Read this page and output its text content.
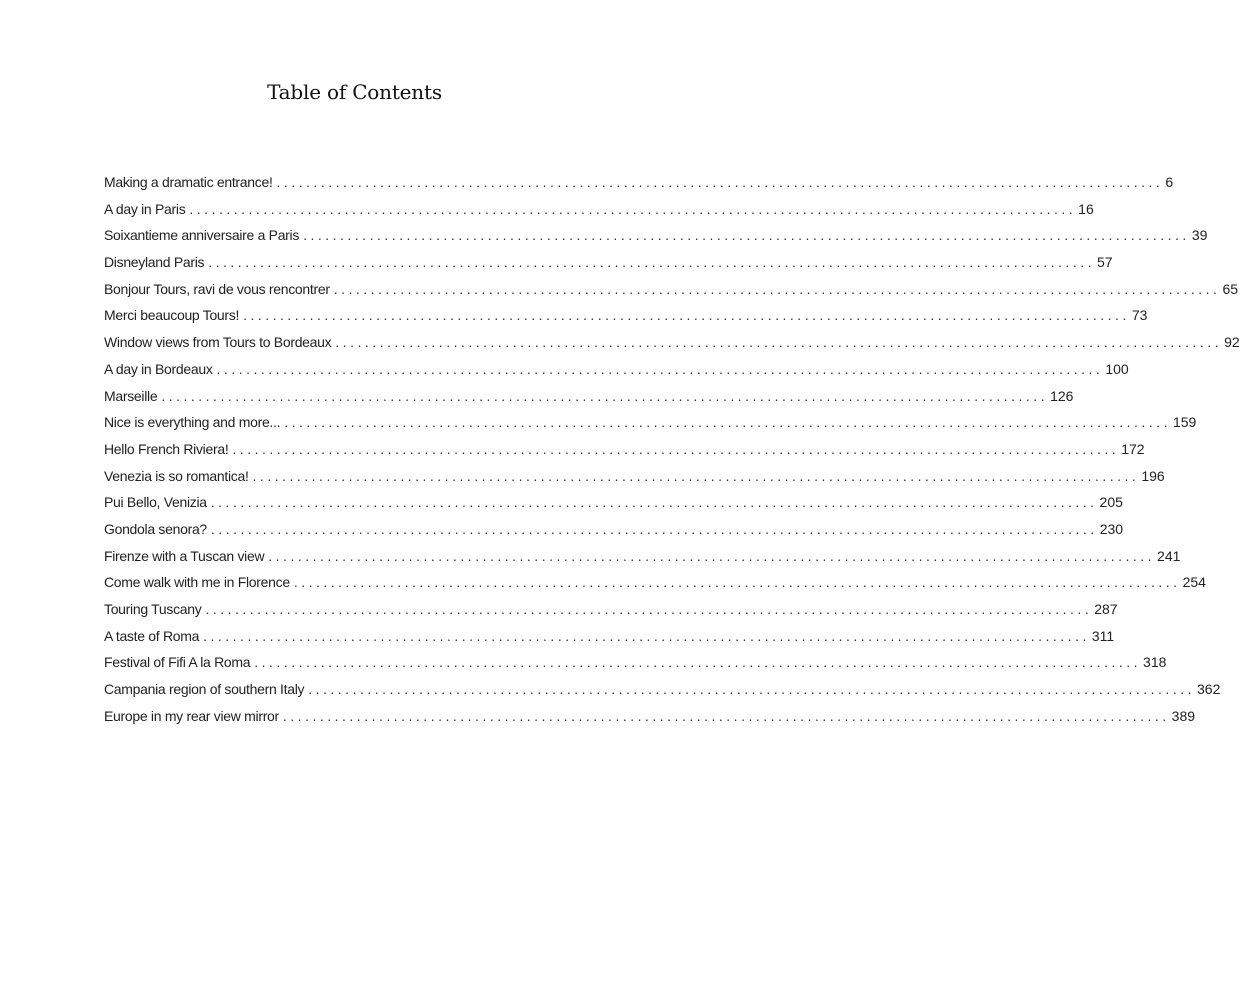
Table of Contents
Making a dramatic entrance! ........................................................................................................................ 6
A day in Paris ........................................................................................................................ 16
Soixantieme anniversaire a Paris ........................................................................................................................ 39
Disneyland Paris ........................................................................................................................ 57
Bonjour Tours, ravi de vous rencontrer ........................................................................................................................ 65
Merci beaucoup Tours! ........................................................................................................................ 73
Window views from Tours to Bordeaux ........................................................................................................................ 92
A day in Bordeaux ........................................................................................................................ 100
Marseille ........................................................................................................................ 126
Nice is everything and more... ........................................................................................................................ 159
Hello French Riviera! ........................................................................................................................ 172
Venezia is so romantica! ........................................................................................................................ 196
Pui Bello, Venizia ........................................................................................................................ 205
Gondola senora? ........................................................................................................................ 230
Firenze with a Tuscan view ........................................................................................................................ 241
Come walk with me in Florence ........................................................................................................................ 254
Touring Tuscany ........................................................................................................................ 287
A taste of Roma ........................................................................................................................ 311
Festival of Fifi A la Roma ........................................................................................................................ 318
Campania region of southern Italy ........................................................................................................................ 362
Europe in my rear view mirror ........................................................................................................................ 389
